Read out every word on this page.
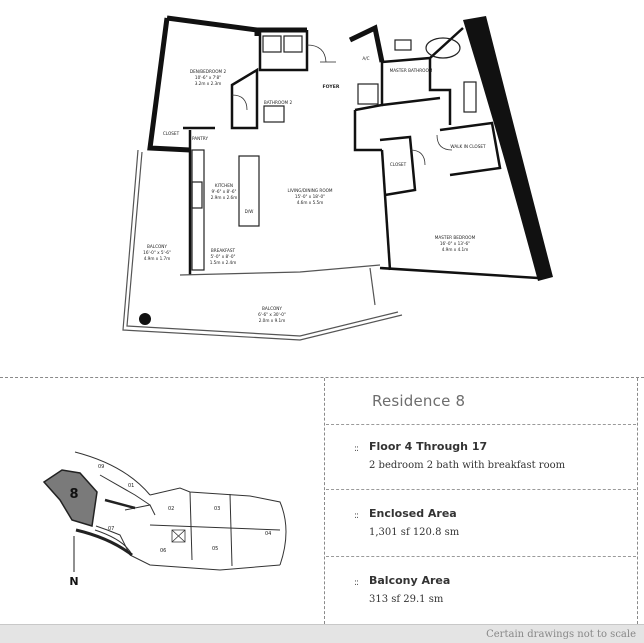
DEN/BEDROOM 2
10'-6" x 7'8"
3.2m x 2.3m
BATHROOM 2
FOYER
A/C
MASTER BATHROOM
CLOSET
PANTRY
KITCHEN
9'-6" x 8'-6"
2.9m x 2.6m
D/W
BREAKFAST
5'-0" x 8'-0"
1.5m x 2.4m
LIVING/DINING ROOM
15'-0" x 18'-0"
4.6m x 5.5m
CLOSET
WALK IN CLOSET
MASTER BEDROOM
16'-0" x 13'-6"
4.9m x 4.1m
BALCONY
16'-0" x 5'-6"
4.9m x 1.7m
BALCONY
6'-6" x 30'-0"
2.0m x 9.1m
8
09
07
06	05
04
03
02
01
N
Residence 8
:: Floor 4 Through 17
2 bedroom 2 bath with breakfast room
:: Enclosed Area
1,301 sf 120.8 sm
:: Balcony Area
313 sf 29.1 sm
Certain drawings not to scale
